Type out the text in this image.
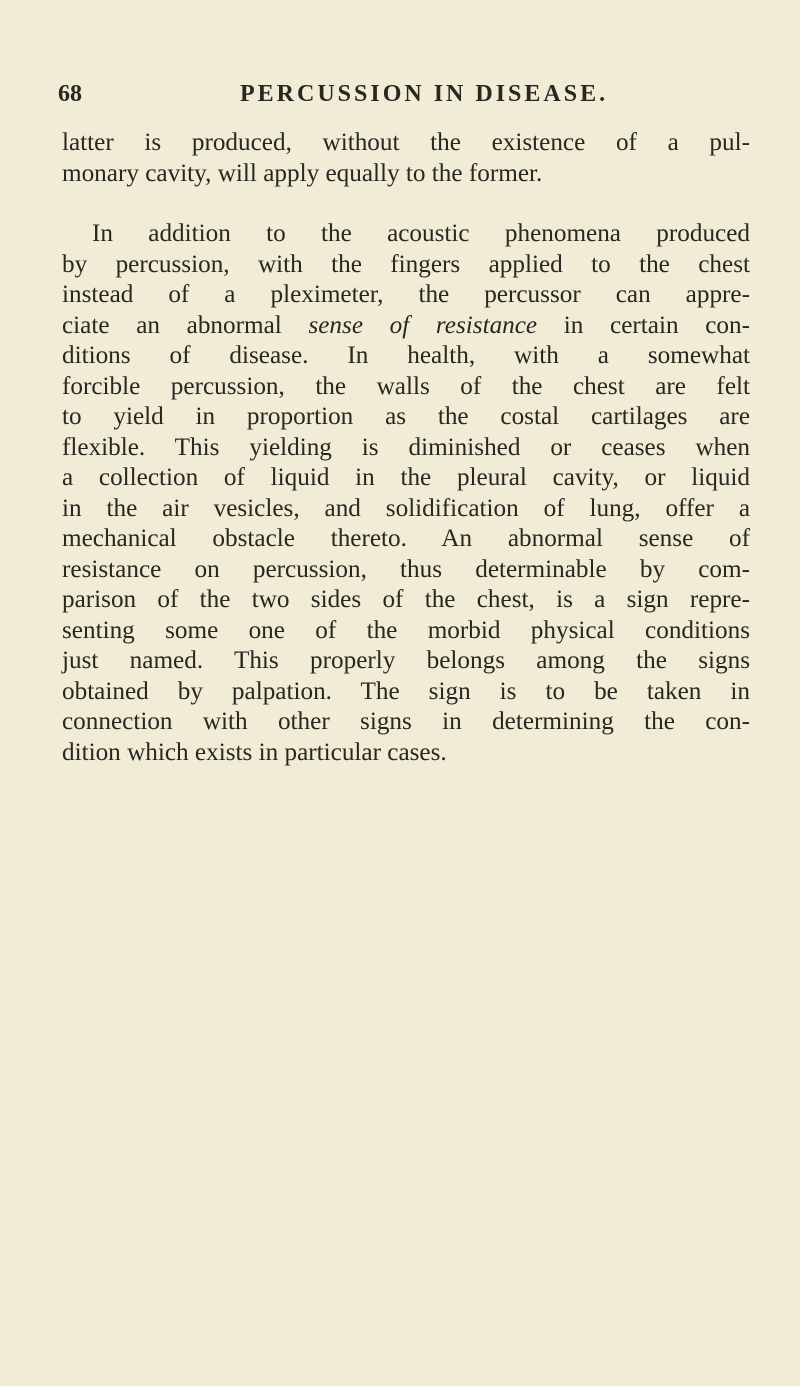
68	PERCUSSION IN DISEASE.
latter is produced, without the existence of a pul-
monary cavity, will apply equally to the former.
In addition to the acoustic phenomena produced
by percussion, with the fingers applied to the chest
instead of a pleximeter, the percussor can appre-
ciate an abnormal sense of resistance in certain con-
ditions of disease. In health, with a somewhat
forcible percussion, the walls of the chest are felt
to yield in proportion as the costal cartilages are
flexible. This yielding is diminished or ceases when
a collection of liquid in the pleural cavity, or liquid
in the air vesicles, and solidification of lung, offer a
mechanical obstacle thereto. An abnormal sense of
resistance on percussion, thus determinable by com-
parison of the two sides of the chest, is a sign repre-
senting some one of the morbid physical conditions
just named. This properly belongs among the signs
obtained by palpation. The sign is to be taken in
connection with other signs in determining the con-
dition which exists in particular cases.
